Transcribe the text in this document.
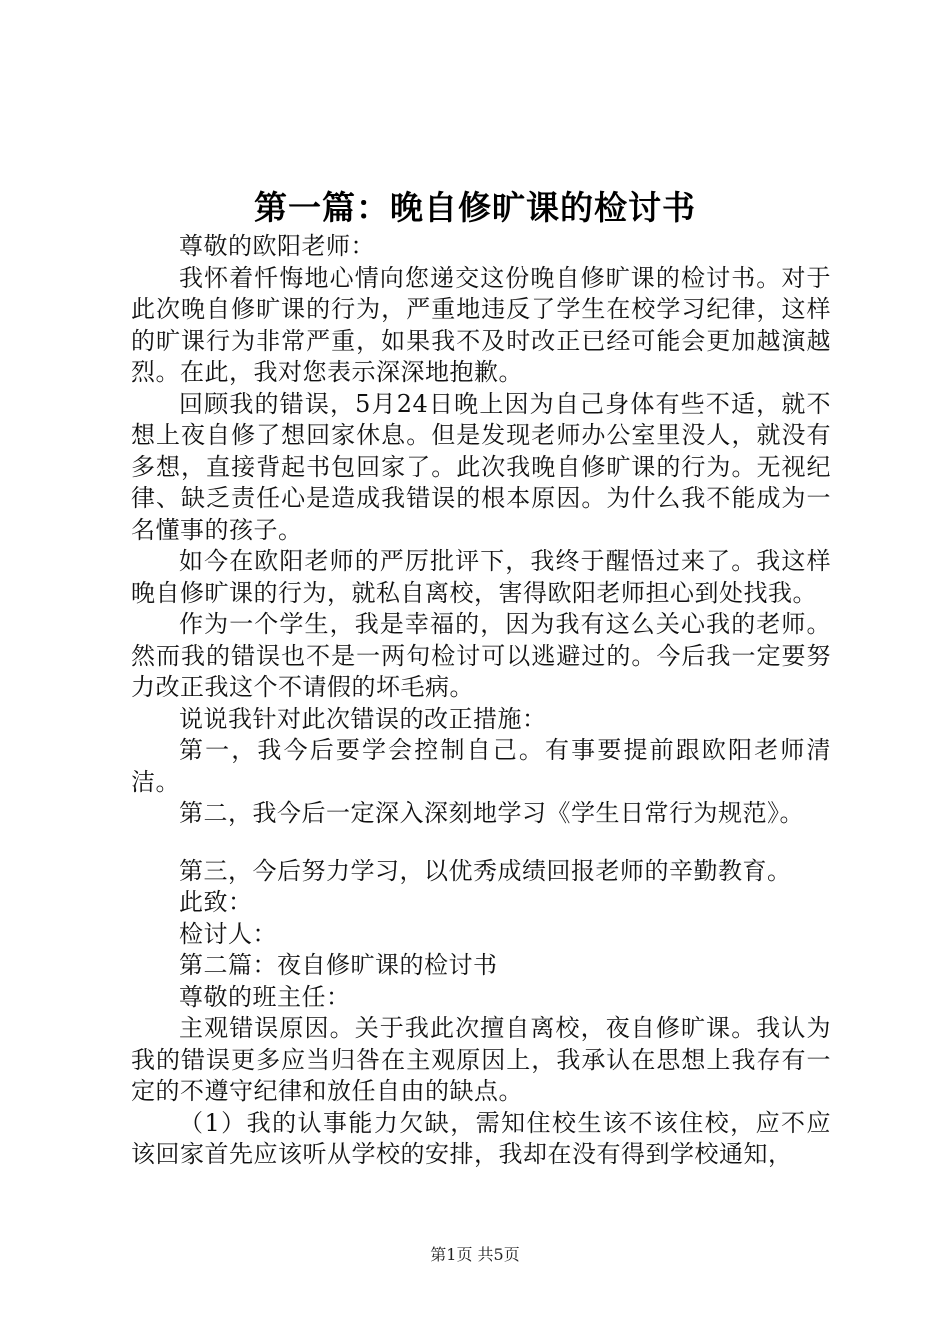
第一篇：晚自修旷课的检讨书

尊敬的欧阳老师：

我怀着忏悔地心情向您递交这份晚自修旷课的检讨书。对于此次晚自修旷课的行为，严重地违反了学生在校学习纪律，这样的旷课行为非常严重，如果我不及时改正已经可能会更加越演越烈。在此，我对您表示深深地抱歉。

回顾我的错误，5月24日晚上因为自己身体有些不适，就不想上夜自修了想回家休息。但是发现老师办公室里没人，就没有多想，直接背起书包回家了。此次我晚自修旷课的行为。无视纪律、缺乏责任心是造成我错误的根本原因。为什么我不能成为一名懂事的孩子。

如今在欧阳老师的严厉批评下，我终于醒悟过来了。我这样晚自修旷课的行为，就私自离校，害得欧阳老师担心到处找我。

作为一个学生，我是幸福的，因为我有这么关心我的老师。然而我的错误也不是一两句检讨可以逃避过的。今后我一定要努力改正我这个不请假的坏毛病。

说说我针对此次错误的改正措施：

第一，我今后要学会控制自己。有事要提前跟欧阳老师清洁。

第二，我今后一定深入深刻地学习《学生日常行为规范》。

第三，今后努力学习，以优秀成绩回报老师的辛勤教育。

此致：

检讨人：

第二篇：夜自修旷课的检讨书

尊敬的班主任：

主观错误原因。关于我此次擅自离校，夜自修旷课。我认为我的错误更多应当归咎在主观原因上，我承认在思想上我存有一定的不遵守纪律和放任自由的缺点。

（1）我的认事能力欠缺，需知住校生该不该住校，应不应该回家首先应该听从学校的安排，我却在没有得到学校通知，

第1页 共5页
